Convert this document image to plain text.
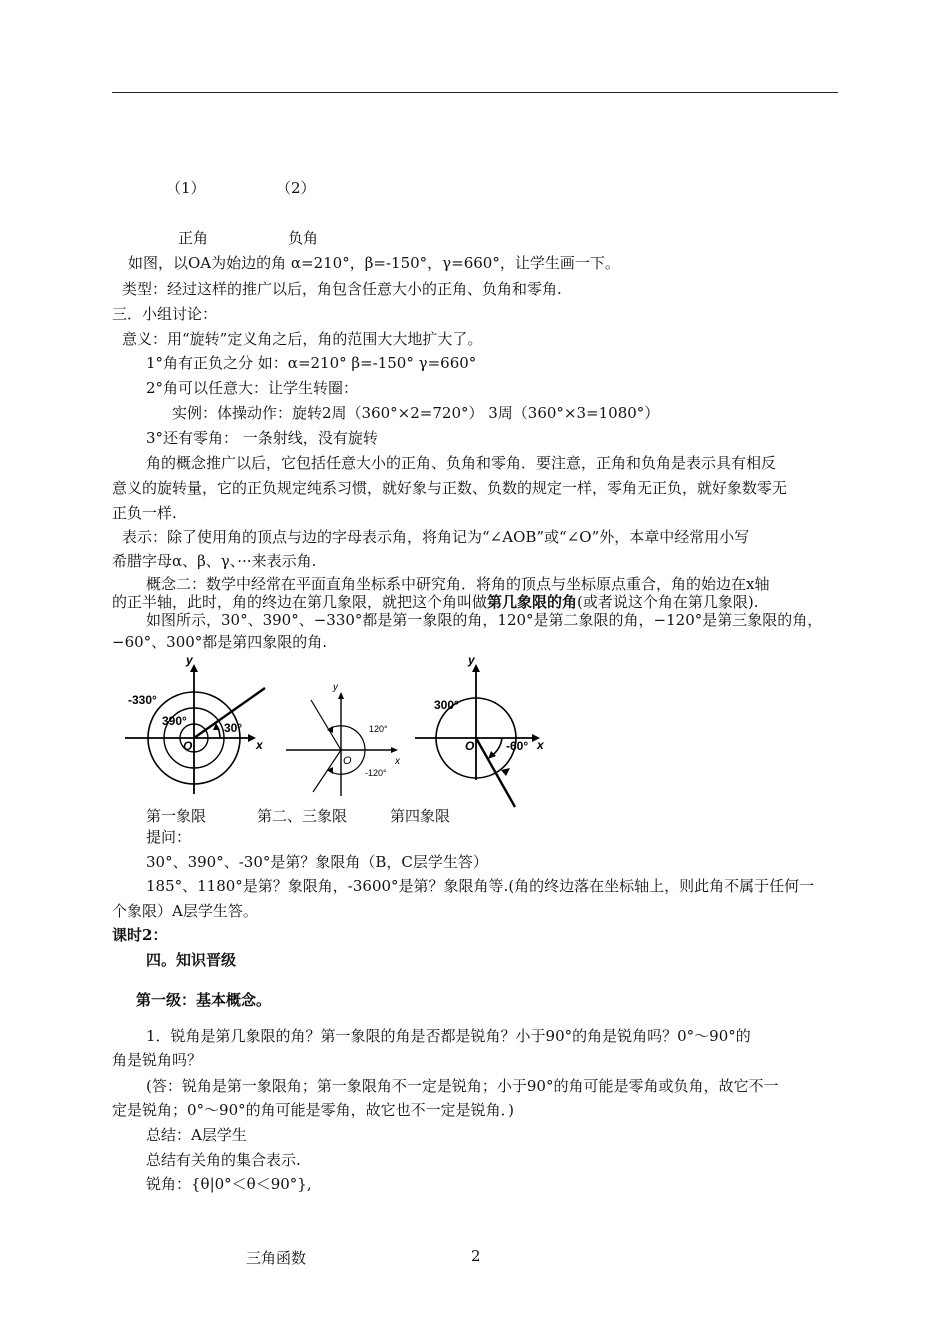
（1）	（2）
正角	负角
如图，以OA为始边的角 α=210°，β=-150°，γ=660°，让学生画一下。
类型：经过这样的推广以后，角包含任意大小的正角、负角和零角.
三．小组讨论：
意义：用“旋转”定义角之后，角的范围大大地扩大了。
1°角有正负之分 如：α=210° β=-150° γ=660°
2°角可以任意大：让学生转圈：
实例：体操动作：旋转2周（360°×2=720°） 3周（360°×3=1080°）
3°还有零角： 一条射线，没有旋转
角的概念推广以后，它包括任意大小的正角、负角和零角．要注意，正角和负角是表示具有相反
意义的旋转量，它的正负规定纯系习惯，就好象与正数、负数的规定一样，零角无正负，就好象数零无
正负一样.
表示：除了使用角的顶点与边的字母表示角，将角记为“∠AOB”或“∠O”外，本章中经常用小写
希腊字母α、β、γ、···来表示角.
概念二：数学中经常在平面直角坐标系中研究角．将角的顶点与坐标原点重合，角的始边在x轴
的正半轴，此时，角的终边在第几象限，就把这个角叫做第几象限的角(或者说这个角在第几象限).
如图所示，30°、390°、−330°都是第一象限的角，120°是第二象限的角，−120°是第三象限的角，
−60°、300°都是第四象限的角.
y
x
O
-330°
390°	30°
y
x
O
120°
-120°
y
x
O
300°
-60°
第一象限	第二、三象限	第四象限
提问：
30°、390°、-30°是第？象限角（B，C层学生答）
185°、1180°是第？象限角，-3600°是第？象限角等.(角的终边落在坐标轴上，则此角不属于任何一
个象限）A层学生答。
课时2：
四。知识晋级
第一级：基本概念。
1．锐角是第几象限的角？第一象限的角是否都是锐角？小于90°的角是锐角吗？0°～90°的
角是锐角吗？
(答：锐角是第一象限角；第一象限角不一定是锐角；小于90°的角可能是零角或负角，故它不一
定是锐角；0°～90°的角可能是零角，故它也不一定是锐角．)
总结：A层学生
总结有关角的集合表示.
锐角：{θ|0°＜θ＜90°},
三角函数	2
